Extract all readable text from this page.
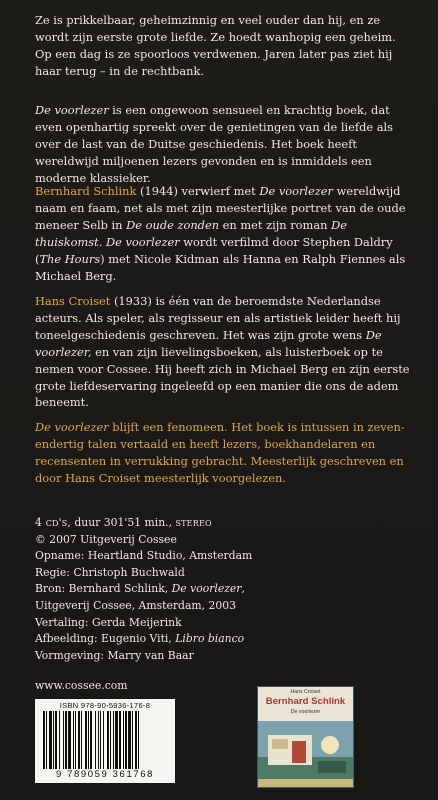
Ze is prikkelbaar, geheimzinnig en veel ouder dan hij, en ze wordt zijn eerste grote liefde. Ze hoedt wanhopig een geheim. Op een dag is ze spoorloos verdwenen. Jaren later pas ziet hij haar terug – in de rechtbank.
De voorlezer is een ongewoon sensueel en krachtig boek, dat even openhartig spreekt over de genietingen van de liefde als over de last van de Duitse geschiedenis. Het boek heeft wereldwijd miljoenen lezers gevonden en is inmiddels een moderne klassieker.
Bernhard Schlink (1944) verwierf met De voorlezer wereldwijd naam en faam, net als met zijn meesterlijke portret van de oude meneer Selb in De oude zonden en met zijn roman De thuiskomst. De voorlezer wordt verfilmd door Stephen Daldry (The Hours) met Nicole Kidman als Hanna en Ralph Fiennes als Michael Berg.
Hans Croiset (1933) is één van de beroemdste Nederlandse acteurs. Als speler, als regisseur en als artistiek leider heeft hij toneelgeschiedenis geschreven. Het was zijn grote wens De voorlezer, en van zijn lievelingsboeken, als luisterboek op te nemen voor Cossee. Hij heeft zich in Michael Berg en zijn eerste grote liefdeservaring ingeleefd op een manier die ons de adem beneemt.
De voorlezer blijft een fenomeen. Het boek is intussen in zevenendertig talen vertaald en heeft lezers, boekhandelaren en recensenten in verrukking gebracht. Meesterlijk geschreven en door Hans Croiset meesterlijk voorgelezen.
4 cd's, duur 301'51 min., stereo
© 2007 Uitgeverij Cossee
Opname: Heartland Studio, Amsterdam
Regie: Christoph Buchwald
Bron: Bernhard Schlink, De voorlezer,
Uitgeverij Cossee, Amsterdam, 2003
Vertaling: Gerda Meijerink
Afbeelding: Eugenio Viti, Libro bianco
Vormgeving: Marry van Baar
www.cossee.com
ISBN 978-90-5936-176-8
9 789059 361768
Hans Croiset
Bernhard Schlink
De voorlezer
